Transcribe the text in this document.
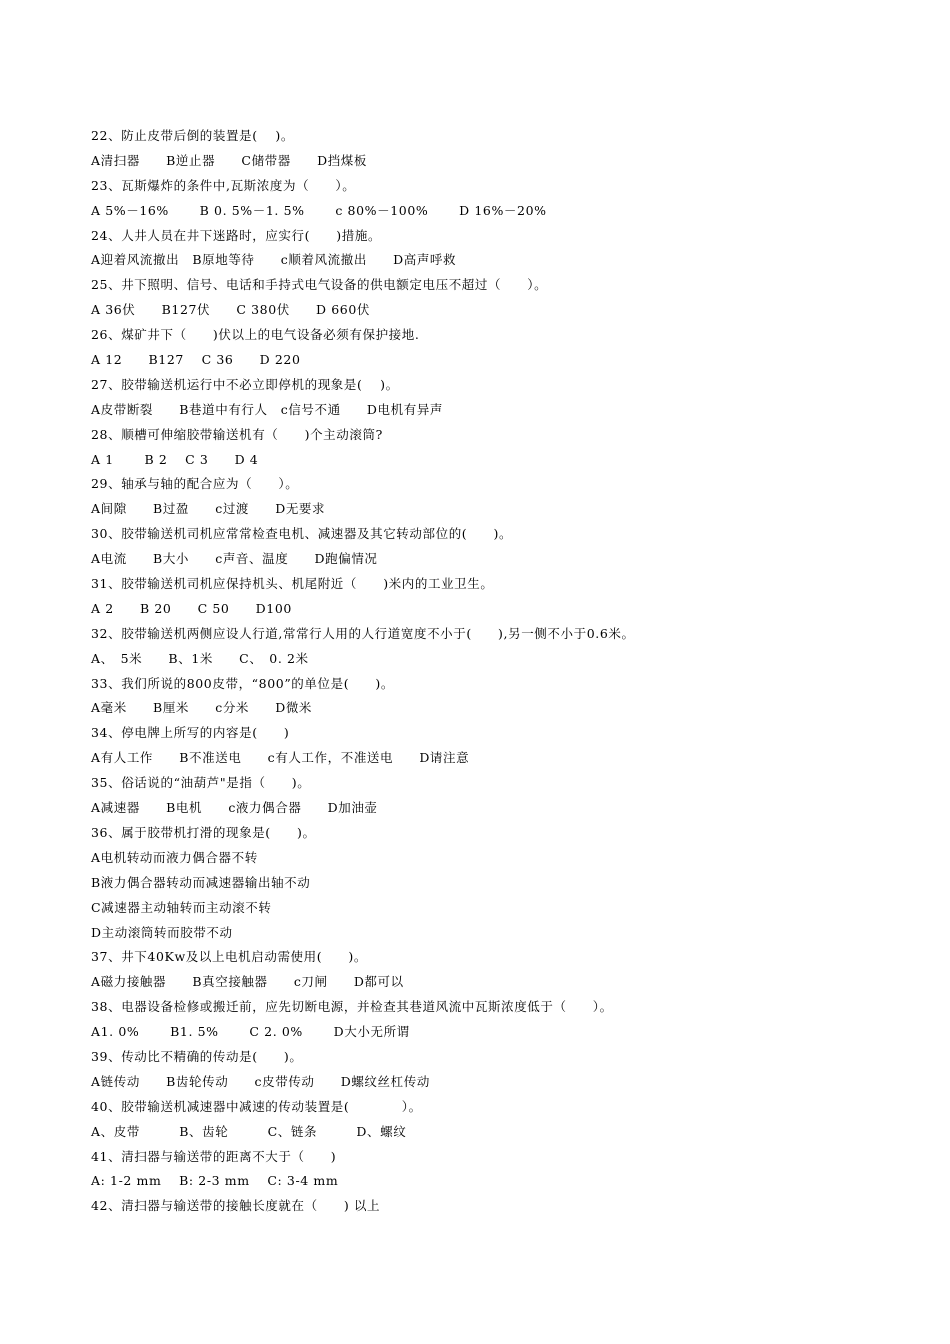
22、防止皮带后倒的装置是(　 )。
A清扫器　　B逆止器　　C储带器　　D挡煤板
23、瓦斯爆炸的条件中,瓦斯浓度为（　　）。
A 5%－16%　　 B 0. 5%－1. 5%　　 c 80%－100%　　 D 16%－20%
24、人井人员在井下迷路时，应实行(　　)措施。
A迎着风流撤出　B原地等待　　c顺着风流撤出　　D高声呼救
25、井下照明、信号、电话和手持式电气设备的供电额定电压不超过（　　）。
A 36伏　　B127伏　　C 380伏　　D 660伏
26、煤矿井下（　　)伏以上的电气设备必须有保护接地.
A 12　　B127　 C 36　　D 220
27、胶带输送机运行中不必立即停机的现象是(　 )。
A皮带断裂　　B巷道中有行人　c信号不通　　D电机有异声
28、顺槽可伸缩胶带输送机有（　　)个主动滚筒?
A 1　　 B 2　 C 3　　D 4
29、轴承与轴的配合应为（　　）。
A间隙　　B过盈　　c过渡　　D无要求
30、胶带输送机司机应常常检查电机、减速器及其它转动部位的(　　)。
A电流　　B大小　　c声音、温度　　D跑偏情况
31、胶带输送机司机应保持机头、机尾附近（　　)米内的工业卫生。
A 2　　B 20　　C 50　　D100
32、胶带输送机两侧应设人行道,常常行人用的人行道宽度不小于(　　),另一侧不小于0.6米。
A、　5米　　B、1米　　C、　0. 2米
33、我们所说的800皮带，“800”的单位是(　　)。
A毫米　　B厘米　　c分米　　D微米
34、停电牌上所写的内容是(　　)
A有人工作　　B不准送电　　c有人工作，不准送电　　D请注意
35、俗话说的“油葫芦"是指（　　)。
A减速器　　B电机　　c液力偶合器　　D加油壶
36、属于胶带机打滑的现象是(　　)。
A电机转动而液力偶合器不转
B液力偶合器转动而减速器输出轴不动
C减速器主动轴转而主动滚不转
D主动滚筒转而胶带不动
37、井下40Kw及以上电机启动需使用(　　)。
A磁力接触器　　B真空接触器　　c刀闸　　D都可以
38、电器设备检修或搬迁前，应先切断电源，并检查其巷道风流中瓦斯浓度低于（　　）。
A1. 0%　　 B1. 5%　　 C 2. 0%　　 D大小无所谓
39、传动比不精确的传动是(　　)。
A链传动　　B齿轮传动　　c皮带传动　　D螺纹丝杠传动
40、胶带输送机减速器中减速的传动装置是(　　　　）。
A、皮带　　　B、齿轮　　　C、链条　　　D、螺纹
41、清扫器与输送带的距离不大于（　　)
A: 1-2 mm　 B: 2-3 mm　 C: 3-4 mm
42、清扫器与输送带的接触长度就在（　　) 以上
